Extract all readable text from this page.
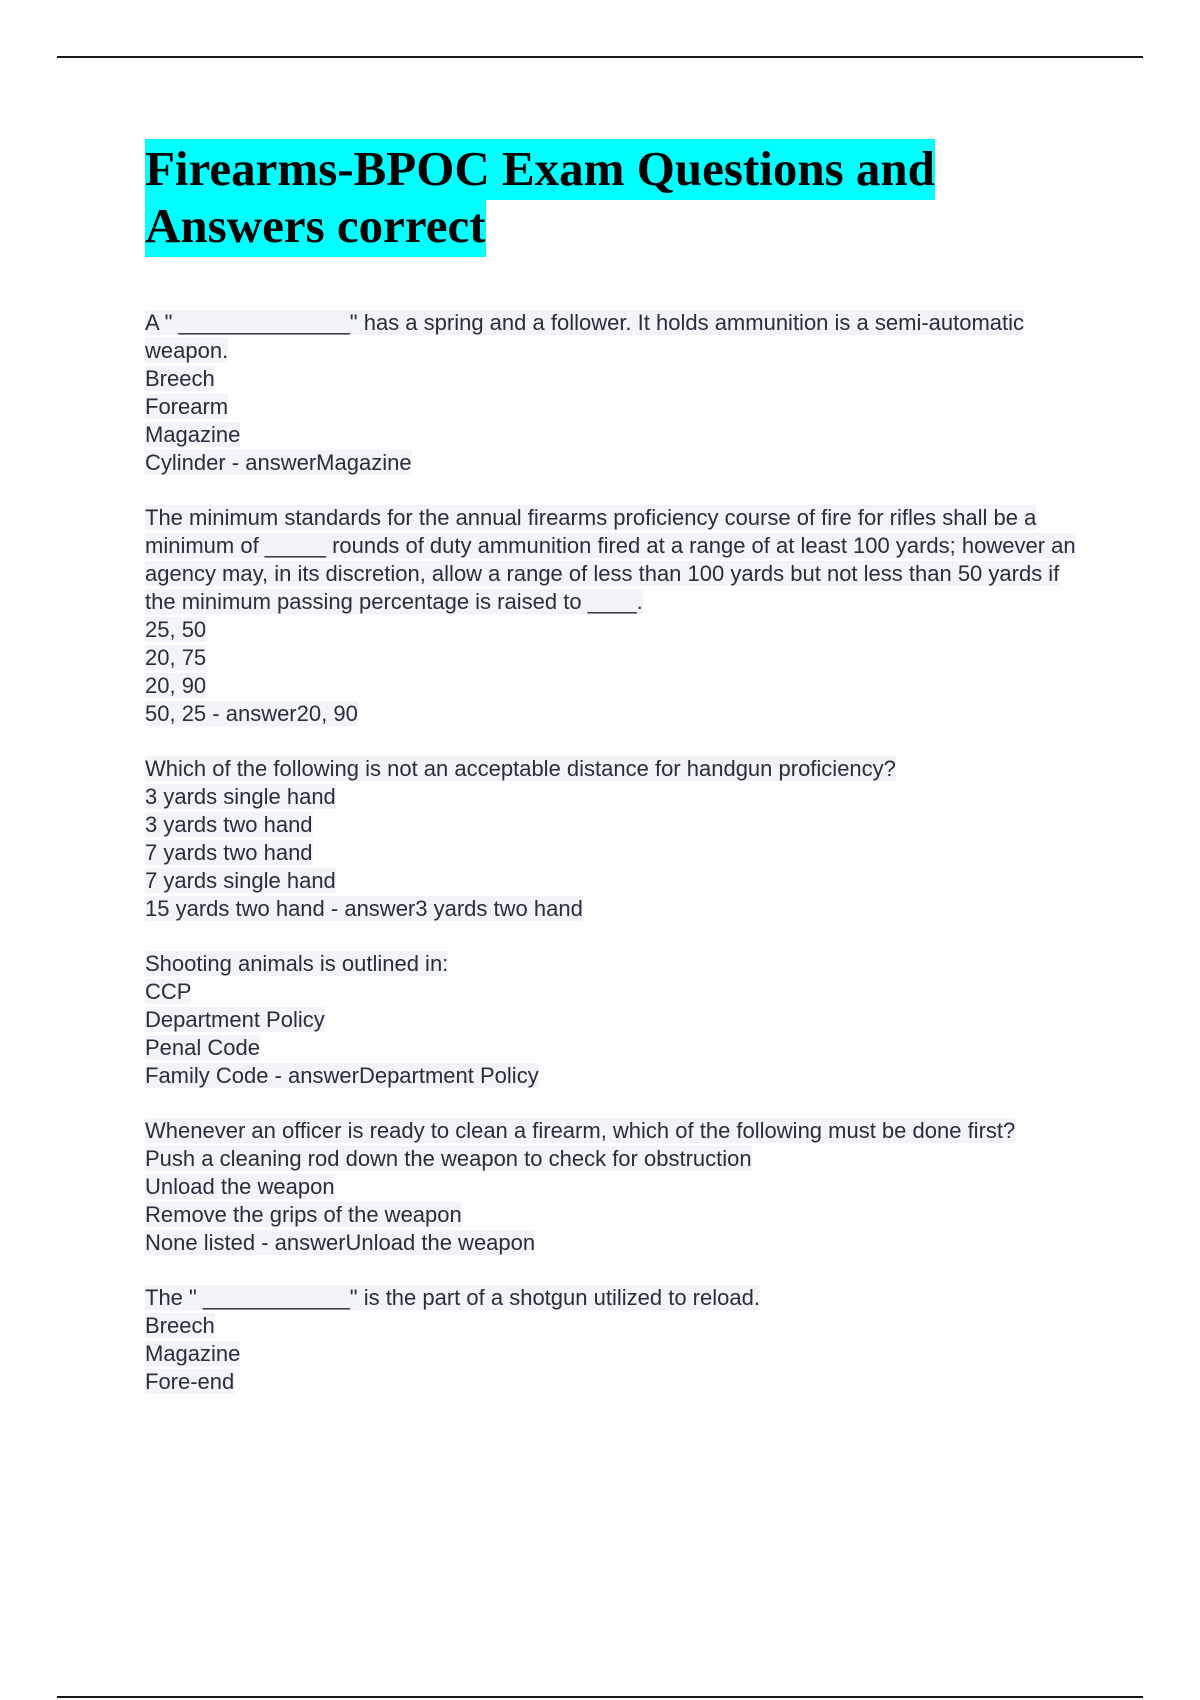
Firearms-BPOC Exam Questions and Answers correct
A " ______________" has a spring and a follower. It holds ammunition is a semi-automatic weapon.
Breech
Forearm
Magazine
Cylinder - answerMagazine
The minimum standards for the annual firearms proficiency course of fire for rifles shall be a minimum of _____ rounds of duty ammunition fired at a range of at least 100 yards; however an agency may, in its discretion, allow a range of less than 100 yards but not less than 50 yards if the minimum passing percentage is raised to ____.
25, 50
20, 75
20, 90
50, 25 - answer20, 90
Which of the following is not an acceptable distance for handgun proficiency?
3 yards single hand
3 yards two hand
7 yards two hand
7 yards single hand
15 yards two hand - answer3 yards two hand
Shooting animals is outlined in:
CCP
Department Policy
Penal Code
Family Code - answerDepartment Policy
Whenever an officer is ready to clean a firearm, which of the following must be done first?
Push a cleaning rod down the weapon to check for obstruction
Unload the weapon
Remove the grips of the weapon
None listed - answerUnload the weapon
The " ____________" is the part of a shotgun utilized to reload.
Breech
Magazine
Fore-end
